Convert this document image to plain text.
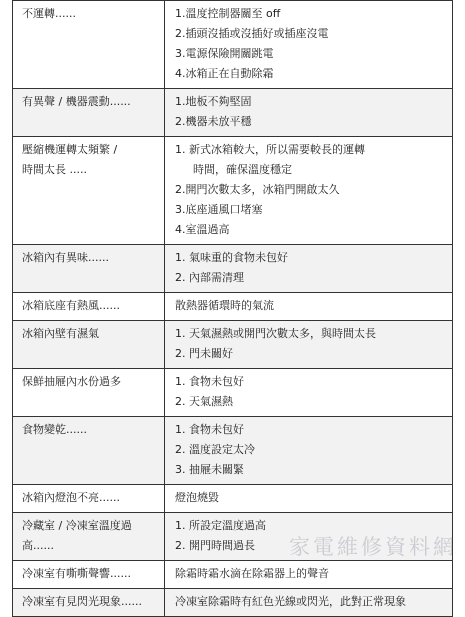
不運轉......	1.溫度控制器關至 off
2.插頭沒插或沒插好或插座沒電
3.電源保險開關跳電
4.冰箱正在自動除霜

有異聲 / 機器震動......	1.地板不夠堅固
2.機器未放平穩

壓縮機運轉太頻繁 /
時間太長 .....	1. 新式冰箱較大，所以需要較長的運轉
時間，確保溫度穩定
2.開門次數太多，冰箱門開啟太久
3.底座通風口堵塞
4.室溫過高

冰箱內有異味......	1. 氣味重的食物未包好
2. 內部需清理

冰箱底座有熱風......	散熱器循環時的氣流

冰箱內壁有濕氣	1. 天氣濕熱或開門次數太多，與時間太長
2. 門未關好

保鮮抽屜內水份過多	1. 食物未包好
2. 天氣濕熱

食物變乾......	1. 食物未包好
2. 溫度設定太冷
3. 抽屜未關緊

冰箱內燈泡不亮......	燈泡燒毀

冷藏室 / 冷凍室溫度過
高......	1. 所設定溫度過高
2. 開門時間過長

冷凍室有嘶嘶聲響......	除霜時霜水滴在除霜器上的聲音

冷凍室有見閃光現象......	冷凍室除霜時有紅色光線或閃光，此對正常現象
家電維修資料網
